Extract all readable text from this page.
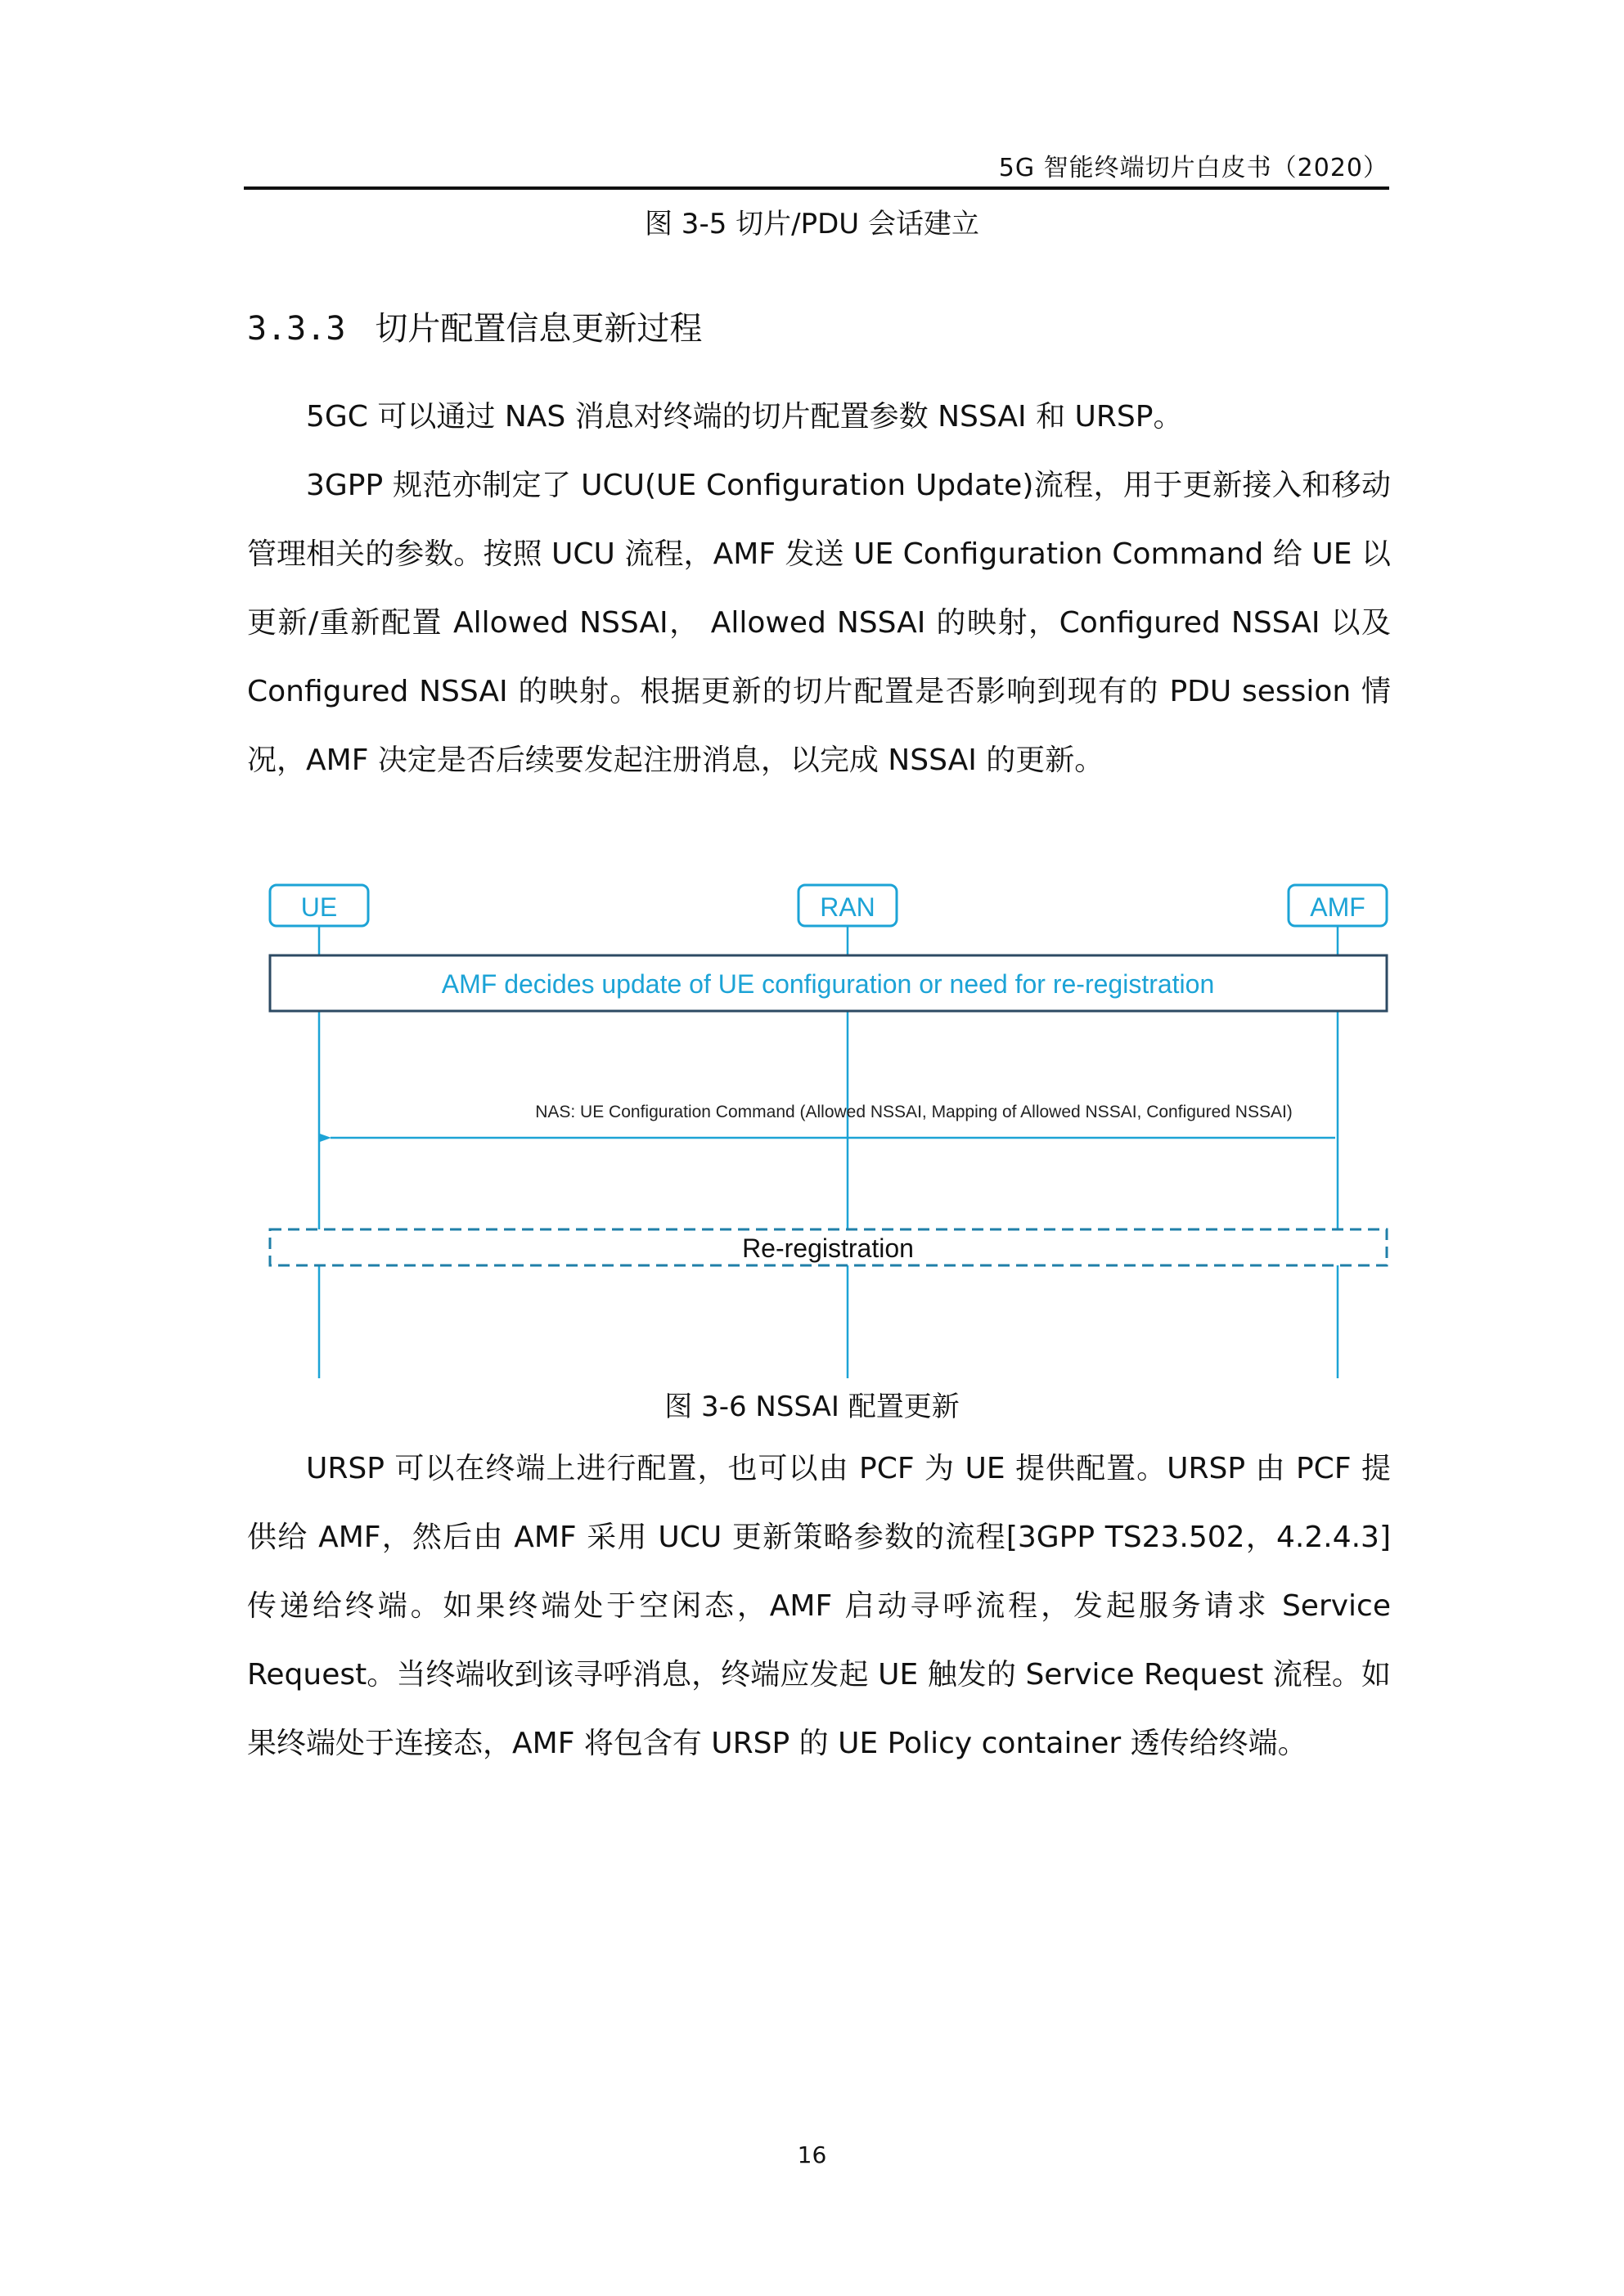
5G 智能终端切片白皮书（2020）
图 3-5 切片/PDU 会话建立
3.3.3 切片配置信息更新过程

5GC 可以通过 NAS 消息对终端的切片配置参数 NSSAI 和 URSP。

3GPP 规范亦制定了 UCU(UE Configuration Update)流程，用于更新接入和移动管理相关的参数。按照 UCU 流程，AMF 发送 UE Configuration Command 给 UE 以更新/重新配置 Allowed NSSAI， Allowed NSSAI 的映射，Configured NSSAI 以及 Configured NSSAI 的映射。根据更新的切片配置是否影响到现有的 PDU session 情况，AMF 决定是否后续要发起注册消息，以完成 NSSAI 的更新。

UE	RAN	AMF
AMF decides update of UE configuration or need for re-registration
NAS: UE Configuration Command (Allowed NSSAI, Mapping of Allowed NSSAI, Configured NSSAI)
Re-registration
图 3-6 NSSAI 配置更新

URSP 可以在终端上进行配置，也可以由 PCF 为 UE 提供配置。URSP 由 PCF 提供给 AMF，然后由 AMF 采用 UCU 更新策略参数的流程[3GPP TS23.502，4.2.4.3] 传递给终端。如果终端处于空闲态，AMF 启动寻呼流程，发起服务请求 Service Request。当终端收到该寻呼消息，终端应发起 UE 触发的 Service Request 流程。如果终端处于连接态，AMF 将包含有 URSP 的 UE Policy container 透传给终端。

16
